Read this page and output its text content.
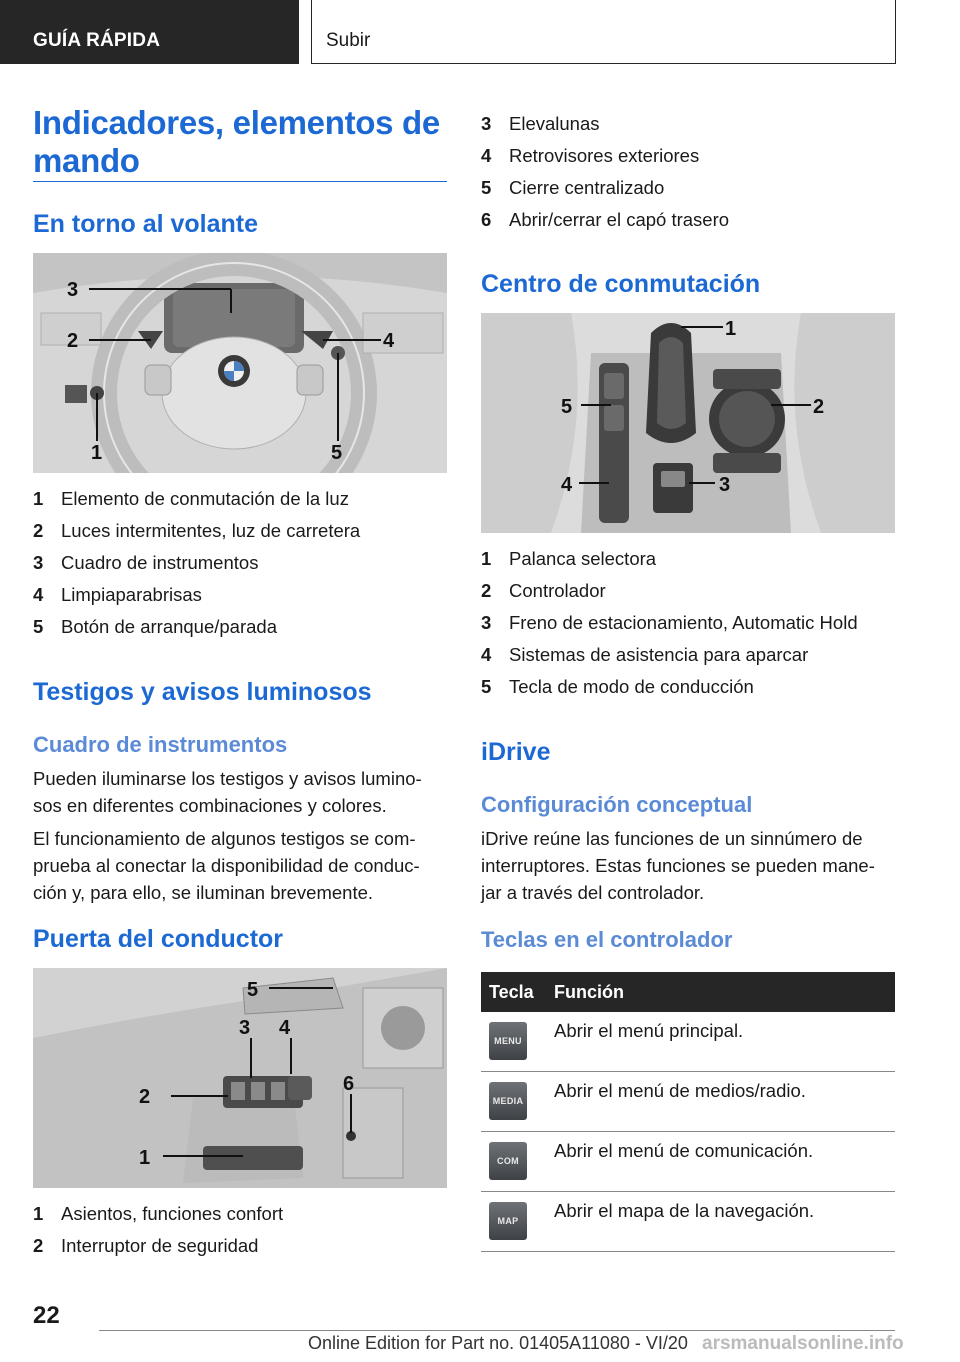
GUÍA RÁPIDA	Subir
Indicadores, elementos de
mando
En torno al volante
3
2	4
1	5
1 Elemento de conmutación de la luz
2 Luces intermitentes, luz de carretera
3 Cuadro de instrumentos
4 Limpiaparabrisas
5 Botón de arranque/parada
Testigos y avisos luminosos
Cuadro de instrumentos
Pueden iluminarse los testigos y avisos lumino-
sos en diferentes combinaciones y colores.
El funcionamiento de algunos testigos se com-
prueba al conectar la disponibilidad de conduc-
ción y, para ello, se iluminan brevemente.
Puerta del conductor
5
3 4
2
6
1
1 Asientos, funciones confort
2 Interruptor de seguridad
3 Elevalunas
4 Retrovisores exteriores
5 Cierre centralizado
6 Abrir/cerrar el capó trasero
Centro de conmutación
1
5	2
4	3
1 Palanca selectora
2 Controlador
3 Freno de estacionamiento, Automatic Hold
4 Sistemas de asistencia para aparcar
5 Tecla de modo de conducción
iDrive
Configuración conceptual
iDrive reúne las funciones de un sinnúmero de
interruptores. Estas funciones se pueden mane-
jar a través del controlador.
Teclas en el controlador
Tecla Función
MENU Abrir el menú principal.
MEDIA Abrir el menú de medios/radio.
COM	Abrir el menú de comunicación.
MAP	Abrir el mapa de la navegación.
22
Online Edition for Part no. 01405A11080 - VI/20 arsmanualsonline.info
